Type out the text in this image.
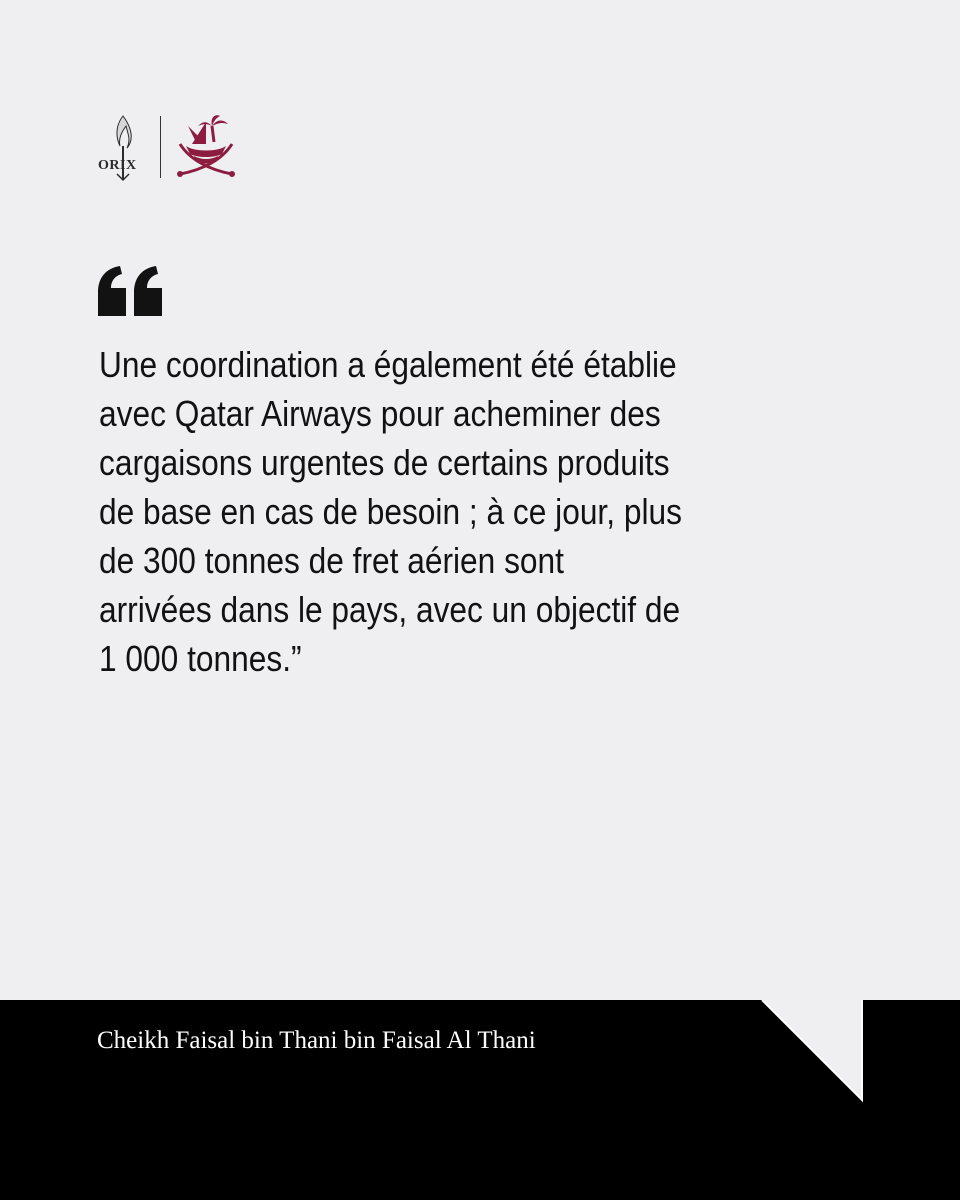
ORIX

Une coordination a également été établie
avec Qatar Airways pour acheminer des
cargaisons urgentes de certains produits
de base en cas de besoin ; à ce jour, plus
de 300 tonnes de fret aérien sont
arrivées dans le pays, avec un objectif de
1 000 tonnes.”

Cheikh Faisal bin Thani bin Faisal Al Thani
